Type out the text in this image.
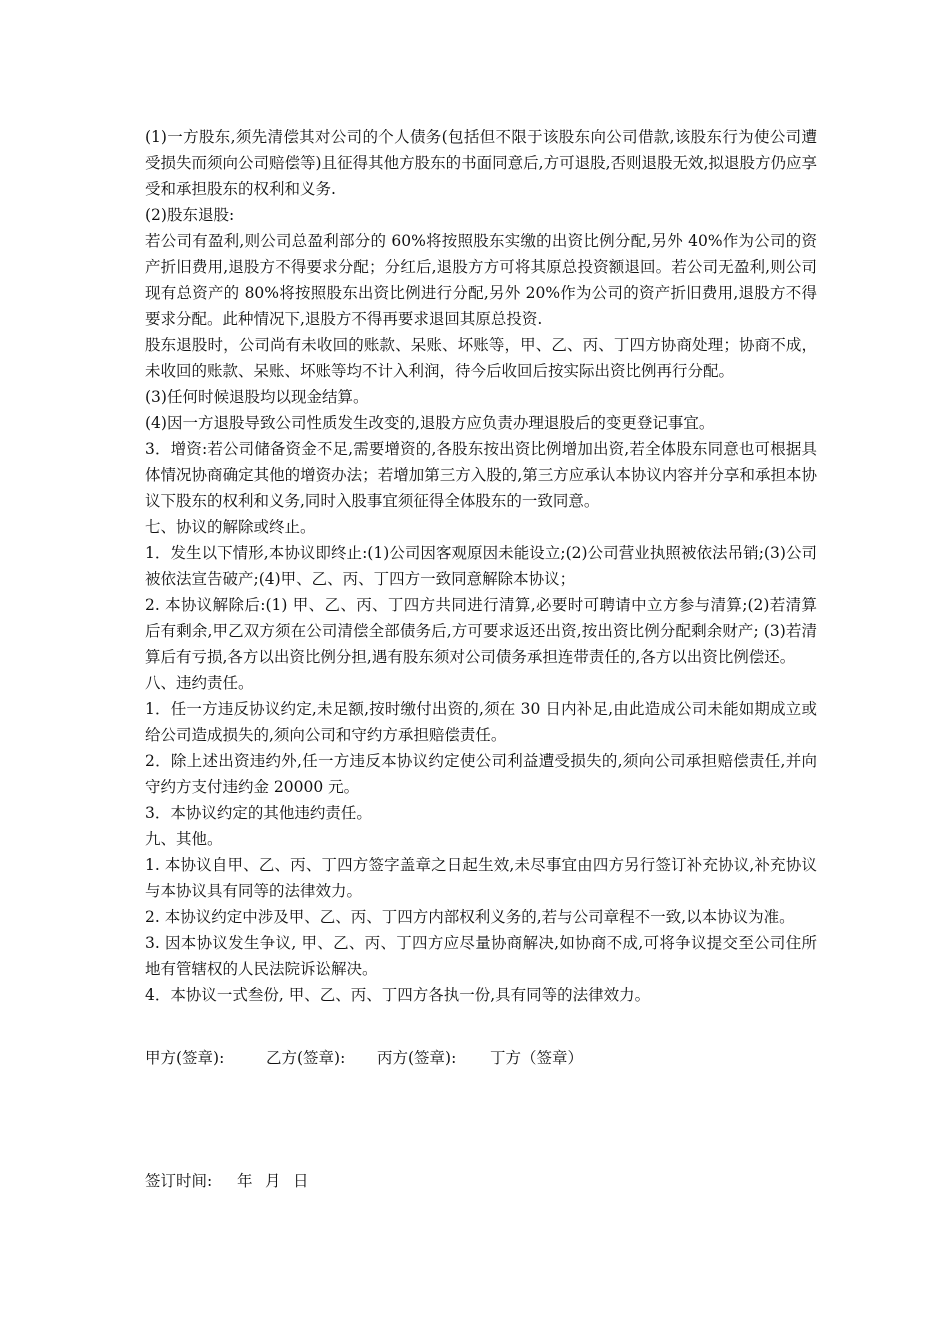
(1)一方股东,须先清偿其对公司的个人债务(包括但不限于该股东向公司借款,该股东行为使公司遭受损失而须向公司赔偿等)且征得其他方股东的书面同意后,方可退股,否则退股无效,拟退股方仍应享受和承担股东的权利和义务.

(2)股东退股:

若公司有盈利,则公司总盈利部分的 60%将按照股东实缴的出资比例分配,另外 40%作为公司的资产折旧费用,退股方不得要求分配；分红后,退股方方可将其原总投资额退回。若公司无盈利,则公司现有总资产的 80%将按照股东出资比例进行分配,另外 20%作为公司的资产折旧费用,退股方不得要求分配。此种情况下,退股方不得再要求退回其原总投资.

股东退股时，公司尚有未收回的账款、呆账、坏账等，甲、乙、丙、丁四方协商处理；协商不成，未收回的账款、呆账、坏账等均不计入利润，待今后收回后按实际出资比例再行分配。

(3)任何时候退股均以现金结算。

(4)因一方退股导致公司性质发生改变的,退股方应负责办理退股后的变更登记事宜。

3．增资:若公司储备资金不足,需要增资的,各股东按出资比例增加出资,若全体股东同意也可根据具体情况协商确定其他的增资办法；若增加第三方入股的,第三方应承认本协议内容并分享和承担本协议下股东的权利和义务,同时入股事宜须征得全体股东的一致同意。

七、协议的解除或终止。

1．发生以下情形,本协议即终止:(1)公司因客观原因未能设立;(2)公司营业执照被依法吊销;(3)公司被依法宣告破产;(4)甲、乙、丙、丁四方一致同意解除本协议；

2. 本协议解除后:(1) 甲、乙、丙、丁四方共同进行清算,必要时可聘请中立方参与清算;(2)若清算后有剩余,甲乙双方须在公司清偿全部债务后,方可要求返还出资,按出资比例分配剩余财产; (3)若清算后有亏损,各方以出资比例分担,遇有股东须对公司债务承担连带责任的,各方以出资比例偿还。

八、违约责任。

1．任一方违反协议约定,未足额,按时缴付出资的,须在 30 日内补足,由此造成公司未能如期成立或给公司造成损失的,须向公司和守约方承担赔偿责任。

2．除上述出资违约外,任一方违反本协议约定使公司利益遭受损失的,须向公司承担赔偿责任,并向守约方支付违约金 20000 元。

3．本协议约定的其他违约责任。

九、其他。

1. 本协议自甲、乙、丙、丁四方签字盖章之日起生效,未尽事宜由四方另行签订补充协议,补充协议与本协议具有同等的法律效力。

2. 本协议约定中涉及甲、乙、丙、丁四方内部权利义务的,若与公司章程不一致,以本协议为准。

3. 因本协议发生争议, 甲、乙、丙、丁四方应尽量协商解决,如协商不成,可将争议提交至公司住所地有管辖权的人民法院诉讼解决。

4．本协议一式叁份, 甲、乙、丙、丁四方各执一份,具有同等的法律效力。

甲方(签章):	乙方(签章): 丙方(签章): 丁方（签章）
签订时间: 年 月 日
